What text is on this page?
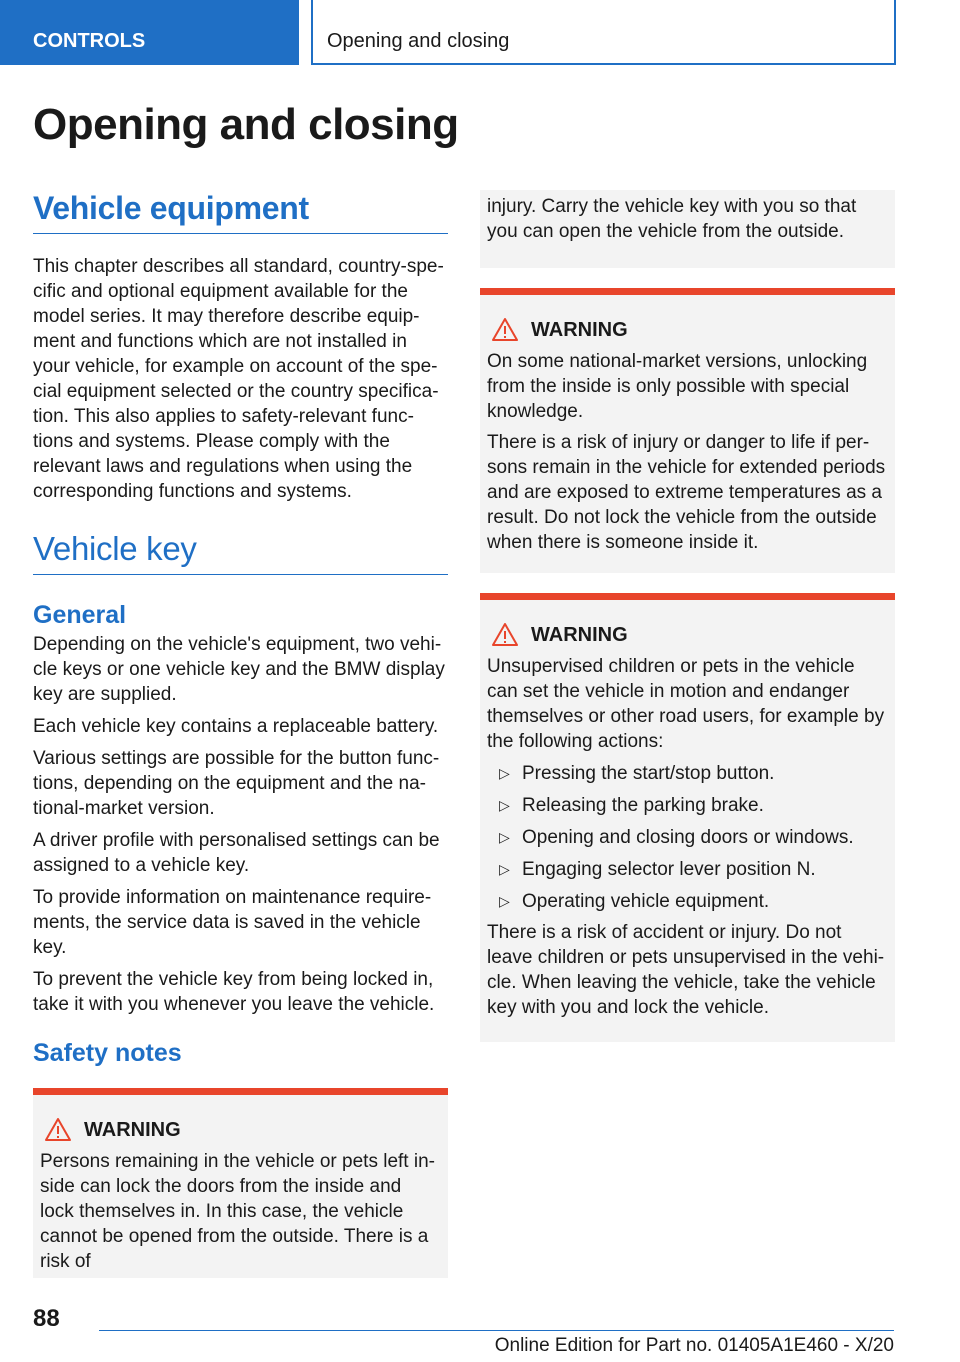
CONTROLS	Opening and closing
Opening and closing
Vehicle equipment

This chapter describes all standard, country-spe‐ cific and optional equipment available for the model series. It may therefore describe equip‐ ment and functions which are not installed in your vehicle, for example on account of the spe‐ cial equipment selected or the country specifica‐ tion. This also applies to safety-relevant func‐ tions and systems. Please comply with the relevant laws and regulations when using the corresponding functions and systems.

Vehicle key
General

Depending on the vehicle's equipment, two vehi‐ cle keys or one vehicle key and the BMW display key are supplied.

Each vehicle key contains a replaceable battery.

Various settings are possible for the button func‐ tions, depending on the equipment and the na‐ tional-market version.

A driver profile with personalised settings can be assigned to a vehicle key.

To provide information on maintenance require‐ ments, the service data is saved in the vehicle key.

To prevent the vehicle key from being locked in, take it with you whenever you leave the vehicle.

Safety notes
WARNING

Persons remaining in the vehicle or pets left in‐ side can lock the doors from the inside and lock themselves in. In this case, the vehicle cannot be opened from the outside. There is a risk of

injury. Carry the vehicle key with you so that you can open the vehicle from the outside.

WARNING

On some national-market versions, unlocking from the inside is only possible with special knowledge.

There is a risk of injury or danger to life if per‐ sons remain in the vehicle for extended periods and are exposed to extreme temperatures as a result. Do not lock the vehicle from the outside when there is someone inside it.

WARNING

Unsupervised children or pets in the vehicle can set the vehicle in motion and endanger themselves or other road users, for example by the following actions:

▷ Pressing the start/stop button.
▷ Releasing the parking brake.
▷ Opening and closing doors or windows.
▷ Engaging selector lever position N.
▷ Operating vehicle equipment.

There is a risk of accident or injury. Do not leave children or pets unsupervised in the vehi‐ cle. When leaving the vehicle, take the vehicle key with you and lock the vehicle.

88
Online Edition for Part no. 01405A1E460 - X/20
